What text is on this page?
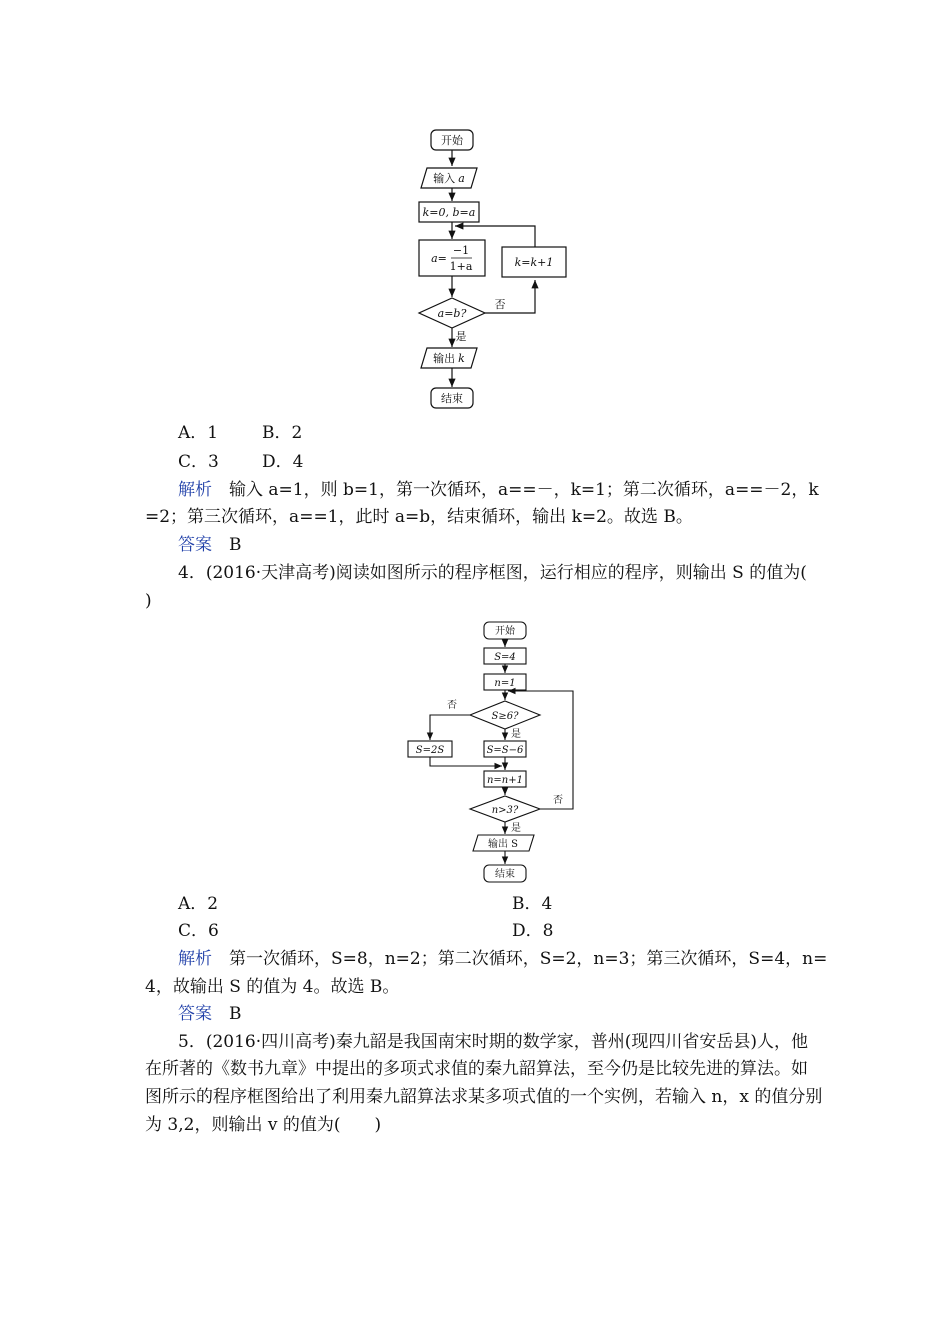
开始
输入 a
k=0, b=a
a=
−1
1+a	k=k+1
a=b?
否
是
输出 k
结束
A．1	B．2
C．3	D．4
解析　 输入 a=1，则 b=1，第一次循环，a==－，k=1；第二次循环，a==－2，k
=2；第三次循环，a==1，此时 a=b，结束循环，输出 k=2。故选 B。
答案　 B
4．(2016·天津高考)阅读如图所示的程序框图，运行相应的程序，则输出 S 的值为(
)
开始
S=4
n=1
S≥6?
否
是
S=2S	S=S−6
n=n+1
n>3?
否
是
输出 S
结束
A．2	B．4
C．6	D．8
解析　 第一次循环，S=8，n=2；第二次循环，S=2，n=3；第三次循环，S=4，n=
4，故输出 S 的值为 4。故选 B。
答案　 B
5．(2016·四川高考)秦九韶是我国南宋时期的数学家，普州(现四川省安岳县)人，他
在所著的《数书九章》中提出的多项式求值的秦九韶算法，至今仍是比较先进的算法。如
图所示的程序框图给出了利用秦九韶算法求某多项式值的一个实例，若输入 n，x 的值分别
为 3,2，则输出 v 的值为(　　)
